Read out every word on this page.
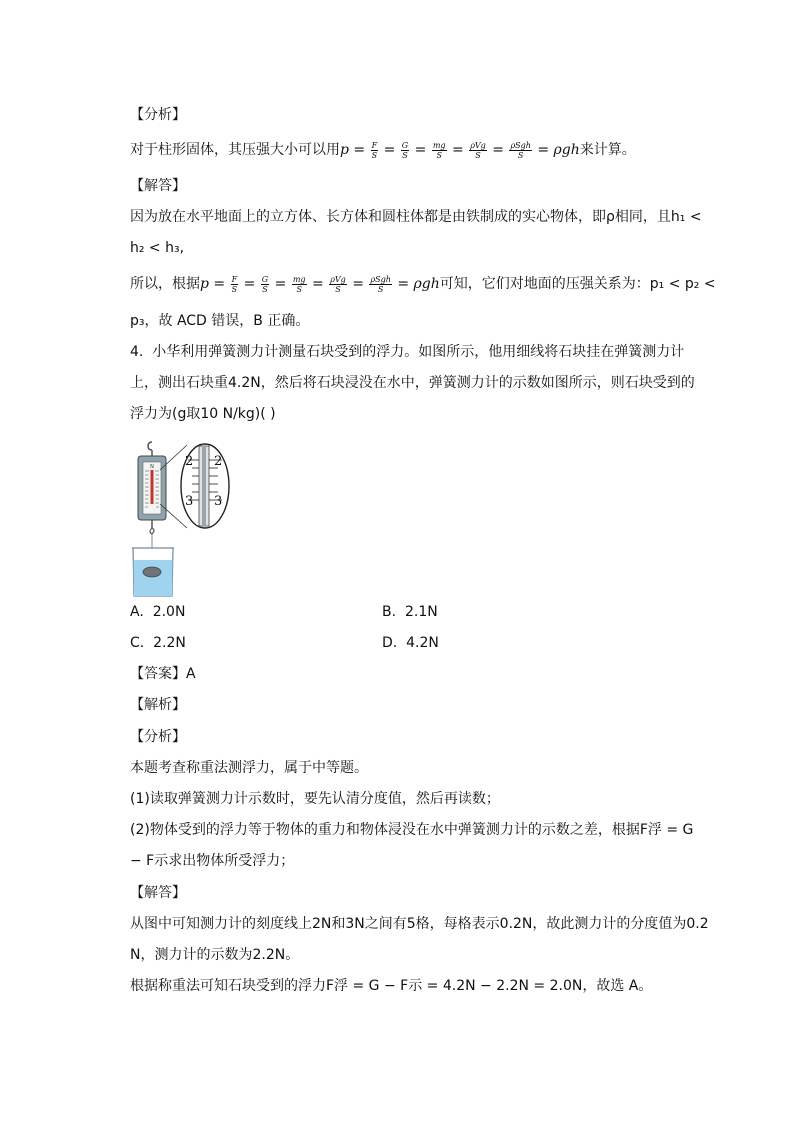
【分析】
对于柱形固体，其压强大小可以用$p = \frac{F}{S} = \frac{G}{S} = \frac{mg}{S} = \frac{\text{ρVg}}{S} = \frac{\text{ρSgh}}{S} = \rho gh$来计算。
【解答】
因为放在水平地面上的立方体、长方体和圆柱体都是由铁制成的实心物体，即ρ相同，且h₁ <
h₂ < h₃,
所以，根据$p = \frac{F}{S} = \frac{G}{S} = \frac{mg}{S} = \frac{\text{ρVg}}{S} = \frac{\text{ρSgh}}{S} = \rho gh$可知，它们对地面的压强关系为：p₁ < p₂ <
p₃，故 ACD 错误，B 正确。
4. 小华利用弹簧测力计测量石块受到的浮力。如图所示，他用细线将石块挂在弹簧测力计
上，测出石块重4.2N，然后将石块浸没在水中，弹簧测力计的示数如图所示，则石块受到的
浮力为(g取10 N/kg)( )
N 2 2
3 3
A. 2.0N	B. 2.1N
C. 2.2N	D. 4.2N
【答案】A
【解析】
【分析】
本题考查称重法测浮力，属于中等题。
(1)读取弹簧测力计示数时，要先认清分度值，然后再读数；
(2)物体受到的浮力等于物体的重力和物体浸没在水中弹簧测力计的示数之差，根据F浮 = G
− F示求出物体所受浮力；
【解答】
从图中可知测力计的刻度线上2N和3N之间有5格，每格表示0.2N，故此测力计的分度值为0.2
N，测力计的示数为2.2N。
根据称重法可知石块受到的浮力F浮 = G − F示 = 4.2N − 2.2N = 2.0N，故选 A。
